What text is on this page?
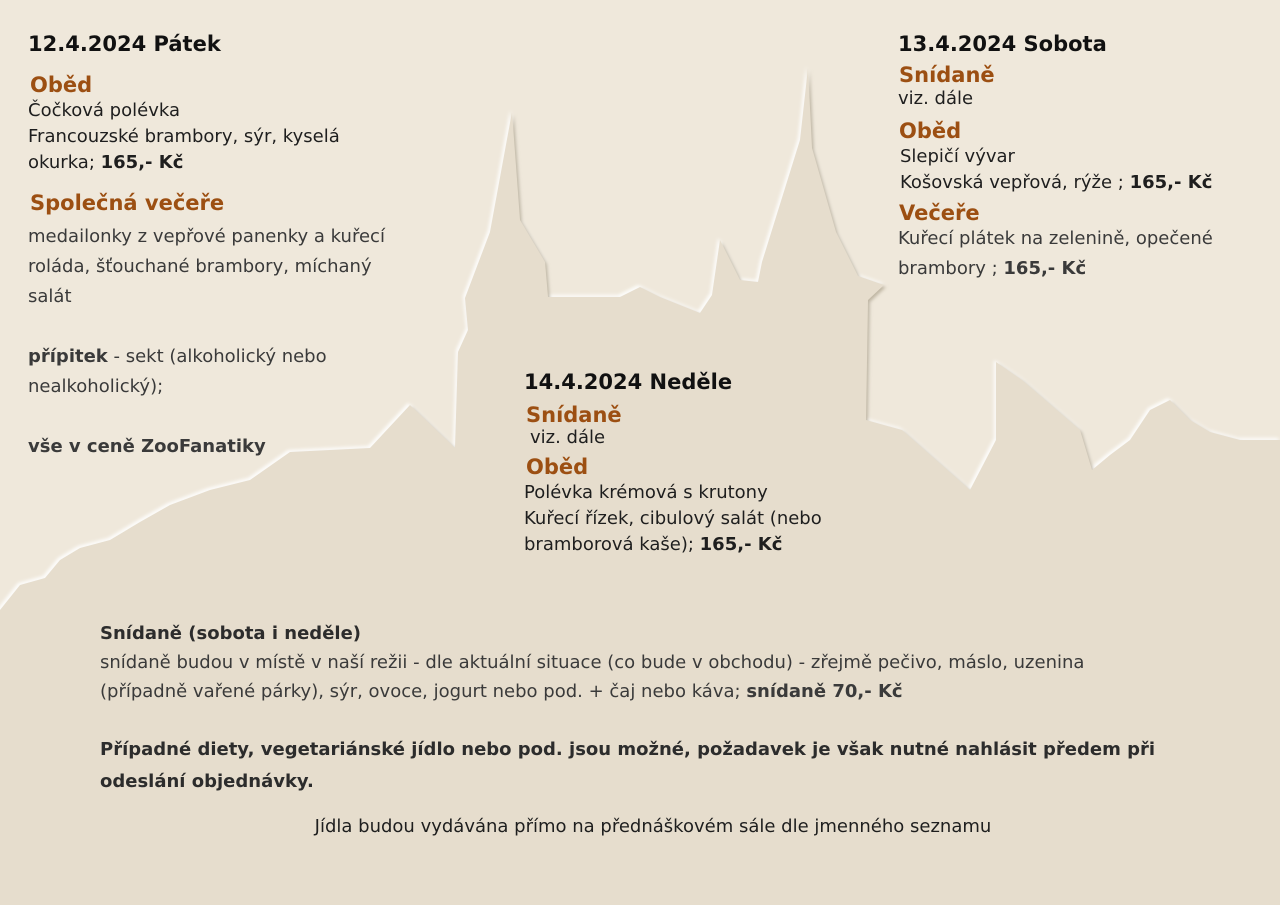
12.4.2024 Pátek
Oběd
Čočková polévka
Francouzské brambory, sýr, kyselá
okurka; 165,- Kč
Společná večeře
medailonky z vepřové panenky a kuřecí
roláda, šťouchané brambory, míchaný
salát
přípitek - sekt (alkoholický nebo
nealkoholický);
vše v ceně ZooFanatiky
13.4.2024 Sobota
Snídaně
viz. dále
Oběd
Slepičí vývar
Košovská vepřová, rýže ; 165,- Kč
Večeře
Kuřecí plátek na zelenině, opečené
brambory ; 165,- Kč
14.4.2024 Neděle
Snídaně
viz. dále
Oběd
Polévka krémová s krutony
Kuřecí řízek, cibulový salát (nebo
bramborová kaše); 165,- Kč
Snídaně (sobota i neděle)
snídaně budou v místě v naší režii - dle aktuální situace (co bude v obchodu) - zřejmě pečivo, máslo, uzenina
(případně vařené párky), sýr, ovoce, jogurt nebo pod. + čaj nebo káva; snídaně 70,- Kč
Případné diety, vegetariánské jídlo nebo pod. jsou možné, požadavek je však nutné nahlásit předem při
odeslání objednávky.
Jídla budou vydávána přímo na přednáškovém sále dle jmenného seznamu
